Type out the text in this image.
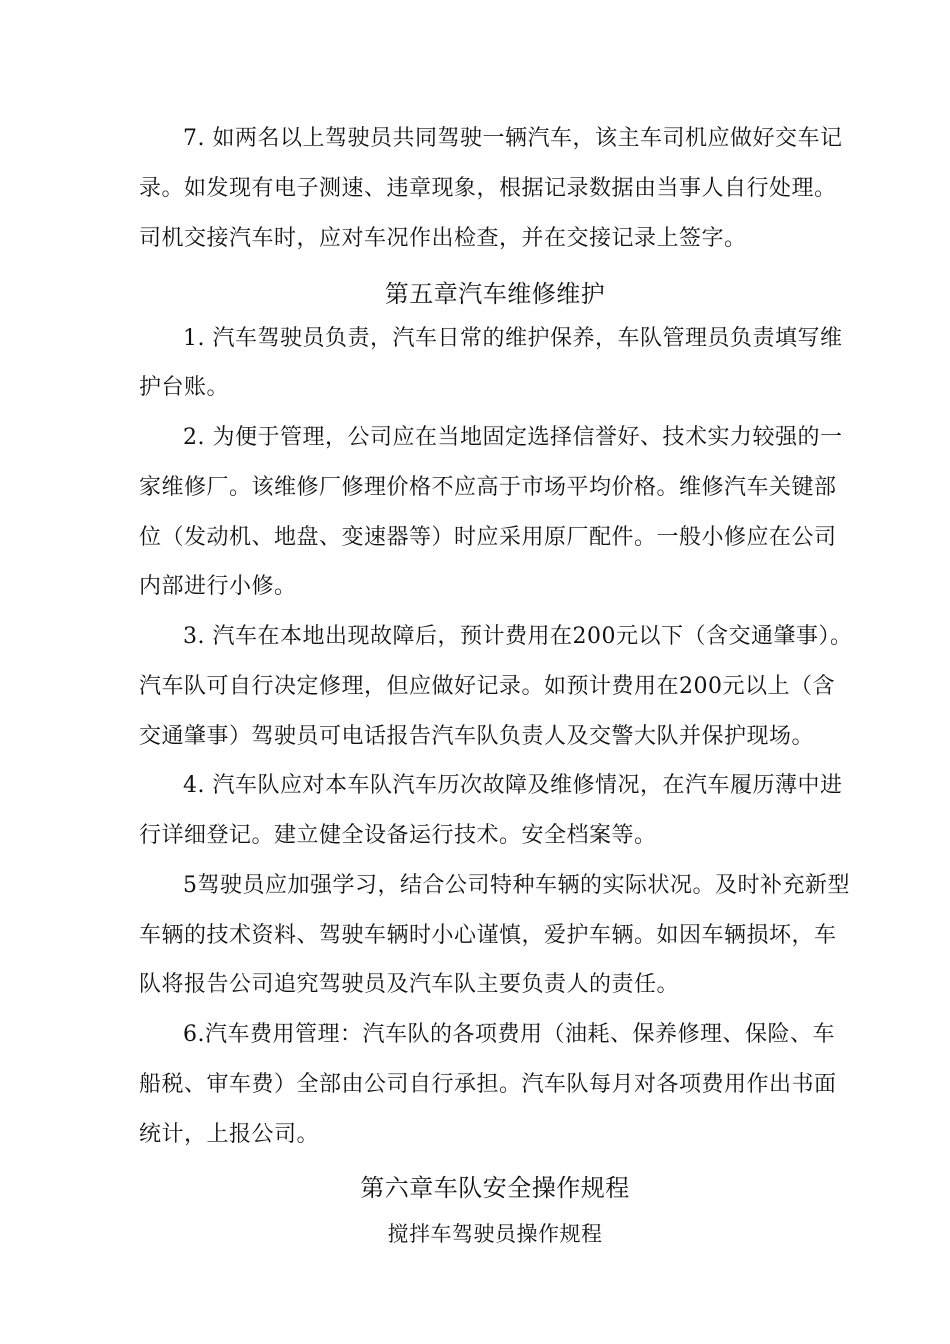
7. 如两名以上驾驶员共同驾驶一辆汽车，该主车司机应做好交车记
录。如发现有电子测速、违章现象，根据记录数据由当事人自行处理。
司机交接汽车时，应对车况作出检查，并在交接记录上签字。
第五章汽车维修维护
1. 汽车驾驶员负责，汽车日常的维护保养，车队管理员负责填写维
护台账。
2. 为便于管理，公司应在当地固定选择信誉好、技术实力较强的一
家维修厂。该维修厂修理价格不应高于市场平均价格。维修汽车关键部
位（发动机、地盘、变速器等）时应采用原厂配件。一般小修应在公司
内部进行小修。
3. 汽车在本地出现故障后，预计费用在200元以下（含交通肇事）。
汽车队可自行决定修理，但应做好记录。如预计费用在200元以上（含
交通肇事）驾驶员可电话报告汽车队负责人及交警大队并保护现场。
4. 汽车队应对本车队汽车历次故障及维修情况，在汽车履历薄中进
行详细登记。建立健全设备运行技术。安全档案等。
5驾驶员应加强学习，结合公司特种车辆的实际状况。及时补充新型
车辆的技术资料、驾驶车辆时小心谨慎，爱护车辆。如因车辆损坏，车
队将报告公司追究驾驶员及汽车队主要负责人的责任。
6.汽车费用管理：汽车队的各项费用（油耗、保养修理、保险、车
船税、审车费）全部由公司自行承担。汽车队每月对各项费用作出书面
统计，上报公司。
第六章车队安全操作规程
搅拌车驾驶员操作规程
